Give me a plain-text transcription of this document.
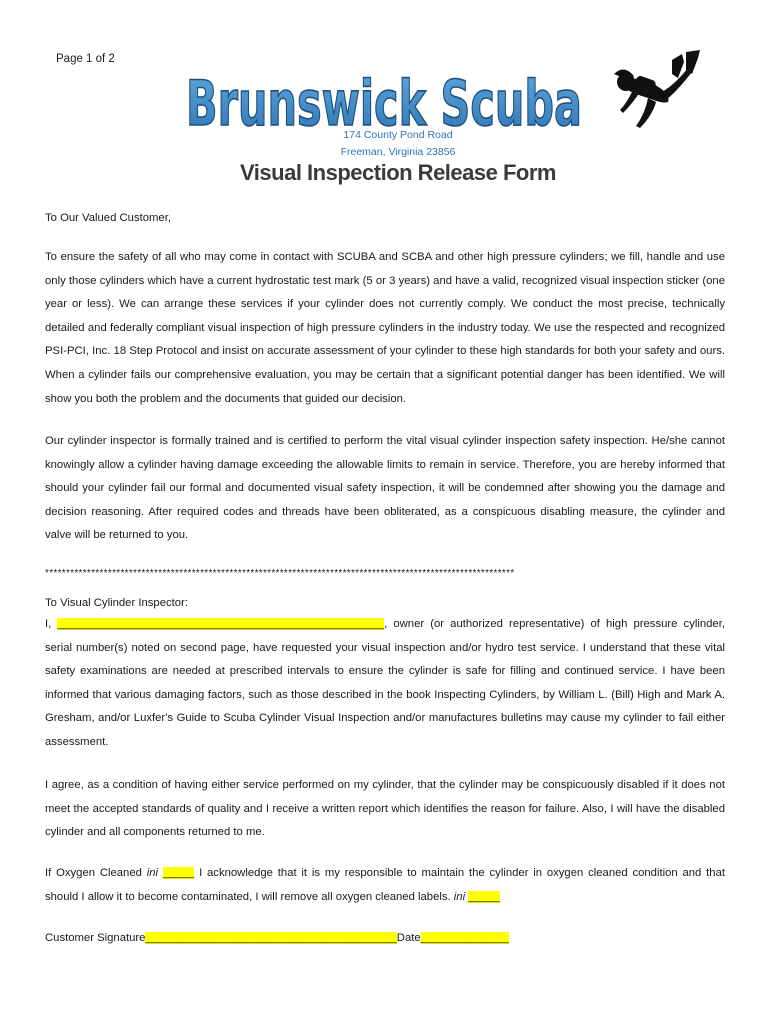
Page 1 of 2
Brunswick Scuba
174 County Pond Road
Freeman, Virginia 23856
Visual Inspection Release Form

To Our Valued Customer,

To ensure the safety of all who may come in contact with SCUBA and SCBA and other high pressure cylinders; we fill, handle and use only those cylinders which have a current hydrostatic test mark (5 or 3 years) and have a valid, recognized visual inspection sticker (one year or less). We can arrange these services if your cylinder does not currently comply. We conduct the most precise, technically detailed and federally compliant visual inspection of high pressure cylinders in the industry today. We use the respected and recognized PSI-PCI, Inc. 18 Step Protocol and insist on accurate assessment of your cylinder to these high standards for both your safety and ours. When a cylinder fails our comprehensive evaluation, you may be certain that a significant potential danger has been identified. We will show you both the problem and the documents that guided our decision.

Our cylinder inspector is formally trained and is certified to perform the vital visual cylinder inspection safety inspection. He/she cannot knowingly allow a cylinder having damage exceeding the allowable limits to remain in service. Therefore, you are hereby informed that should your cylinder fail our formal and documented visual safety inspection, it will be condemned after showing you the damage and decision reasoning. After required codes and threads have been obliterated, as a conspicuous disabling measure, the cylinder and valve will be returned to you.

****************************************************************************************************************

To Visual Cylinder Inspector:

I, ____________________________________________________, owner (or authorized representative) of high pressure cylinder, serial number(s) noted on second page, have requested your visual inspection and/or hydro test service. I understand that these vital safety examinations are needed at prescribed intervals to ensure the cylinder is safe for filling and continued service. I have been informed that various damaging factors, such as those described in the book Inspecting Cylinders, by William L. (Bill) High and Mark A. Gresham, and/or Luxfer's Guide to Scuba Cylinder Visual Inspection and/or manufactures bulletins may cause my cylinder to fail either assessment.

I agree, as a condition of having either service performed on my cylinder, that the cylinder may be conspicuously disabled if it does not meet the accepted standards of quality and I receive a written report which identifies the reason for failure. Also, I will have the disabled cylinder and all components returned to me.

If Oxygen Cleaned ini _____ I acknowledge that it is my responsible to maintain the cylinder in oxygen cleaned condition and that should I allow it to become contaminated, I will remove all oxygen cleaned labels. ini _____

Customer Signature________________________________________Date______________
